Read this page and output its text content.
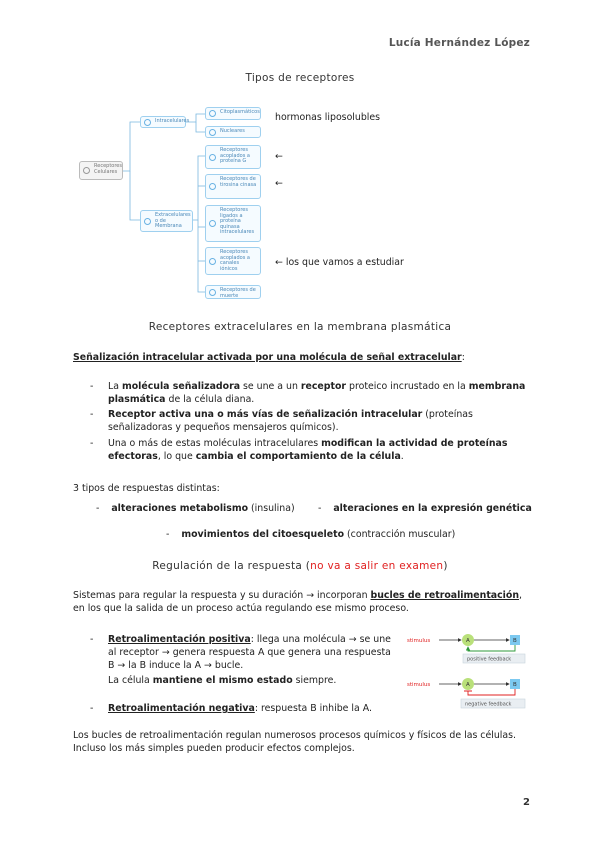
Lucía Hernández López
Tipos de receptores
Receptores Celulares
Intracelulares
Extracelulares o de Membrana
Citoplasmáticos
Nucleares
Receptores acoplados a proteína G
Receptores de tirosina cinasa
Receptores ligados a proteína quinasa intracelulares
Receptores acoplados a canales iónicos
Receptores de muerte
hormonas liposolubles
←
←
← los que vamos a estudiar
Receptores extracelulares en la membrana plasmática
Señalización intracelular activada por una molécula de señal extracelular:
- La molécula señalizadora se une a un receptor proteico incrustado en la membrana plasmática de la célula diana.
- Receptor activa una o más vías de señalización intracelular (proteínas señalizadoras y pequeños mensajeros químicos).
- Una o más de estas moléculas intracelulares modifican la actividad de proteínas efectoras, lo que cambia el comportamiento de la célula.
3 tipos de respuestas distintas:
- alteraciones metabolismo (insulina) - alteraciones en la expresión genética
- movimientos del citoesqueleto (contracción muscular)
Regulación de la respuesta (no va a salir en examen)
Sistemas para regular la respuesta y su duración → incorporan bucles de retroalimentación, en los que la salida de un proceso actúa regulando ese mismo proceso.
- Retroalimentación positiva: llega una molécula → se une al receptor → genera respuesta A que genera una respuesta B → la B induce la A → bucle.
La célula mantiene el mismo estado siempre.
- Retroalimentación negativa: respuesta B inhibe la A.
stimulus	A	B
positive feedback
stimulus	A	B
negative feedback
Los bucles de retroalimentación regulan numerosos procesos químicos y físicos de las células. Incluso los más simples pueden producir efectos complejos.
2
